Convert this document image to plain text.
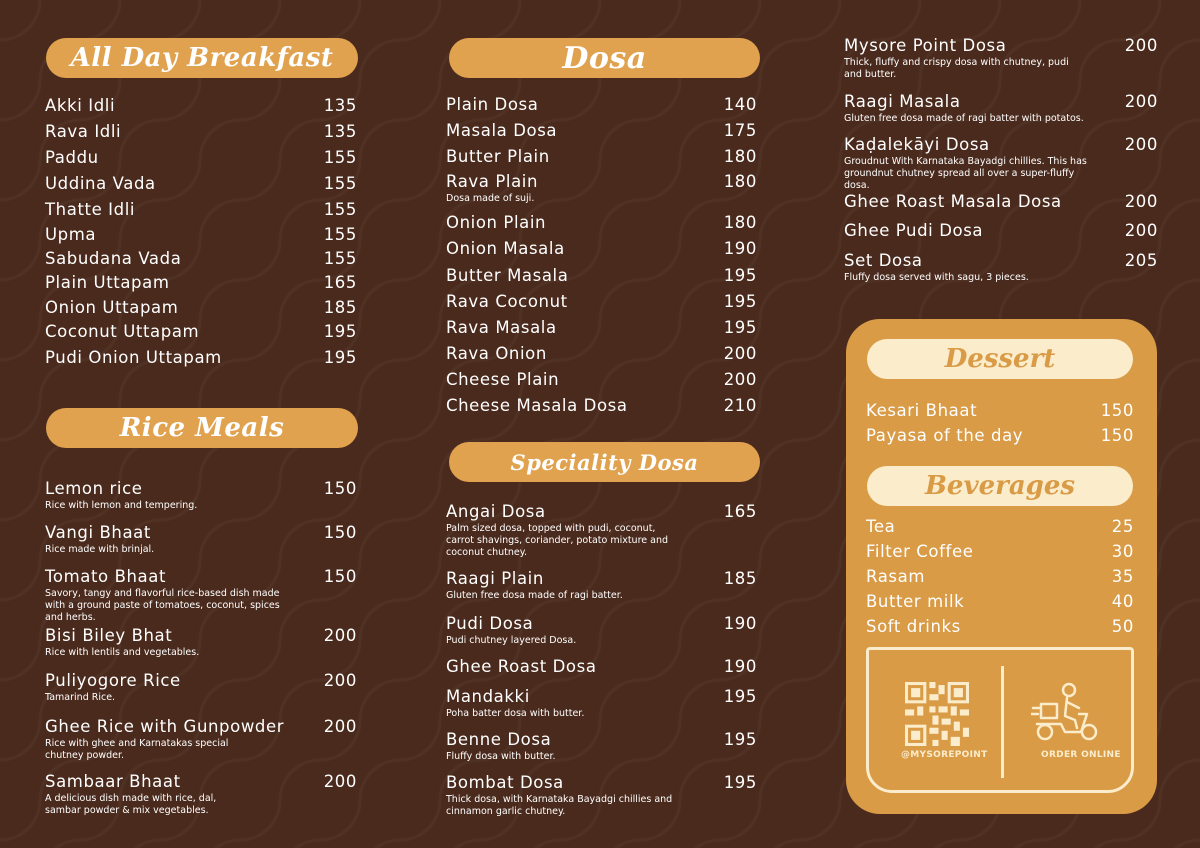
All Day Breakfast
Rice Meals
Dosa
Speciality Dosa
Akki Idli	135
Rava Idli	135
Paddu	155
Uddina Vada	155
Thatte Idli	155
Upma	155
Sabudana Vada	155
Plain Uttapam	165
Onion Uttapam	185
Coconut Uttapam	195
Pudi Onion Uttapam	195
Lemon rice	150
Rice with lemon and tempering.
Vangi Bhaat	150
Rice made with brinjal.
Tomato Bhaat	150
Savory, tangy and flavorful rice-based dish made with a ground paste of tomatoes, coconut, spices and herbs.
Bisi Biley Bhat	200
Rice with lentils and vegetables.
Puliyogore Rice	200
Tamarind Rice.
Ghee Rice with Gunpowder 200
Rice with ghee and Karnatakas special chutney powder.
Sambaar Bhaat	200
A delicious dish made with rice, dal, sambar powder & mix vegetables.
Plain Dosa	140
Masala Dosa	175
Butter Plain	180
Rava Plain	180
Dosa made of suji.
Onion Plain	180
Onion Masala	190
Butter Masala	195
Rava Coconut	195
Rava Masala	195
Rava Onion	200
Cheese Plain	200
Cheese Masala Dosa	210
Angai Dosa	165
Palm sized dosa, topped with pudi, coconut, carrot shavings, coriander, potato mixture and coconut chutney.
Raagi Plain	185
Gluten free dosa made of ragi batter.
Pudi Dosa	190
Pudi chutney layered Dosa.
Ghee Roast Dosa	190
Mandakki	195
Poha batter dosa with butter.
Benne Dosa	195
Fluffy dosa with butter.
Bombat Dosa	195
Thick dosa, with Karnataka Bayadgi chillies and cinnamon garlic chutney.
Mysore Point Dosa	200
Thick, fluffy and crispy dosa with chutney, pudi and butter.
Raagi Masala	200
Gluten free dosa made of ragi batter with potatos.
Kaḍalekāyi Dosa	200
Groudnut With Karnataka Bayadgi chillies. This has groundnut chutney spread all over a super-fluffy dosa.
Ghee Roast Masala Dosa	200
Ghee Pudi Dosa	200
Set Dosa	205
Fluffy dosa served with sagu, 3 pieces.
Dessert
Kesari Bhaat	150
Payasa of the day	150
Beverages
Tea	25
Filter Coffee	30
Rasam	35
Butter milk	40
Soft drinks	50
@MYSOREPOINT	ORDER ONLINE
